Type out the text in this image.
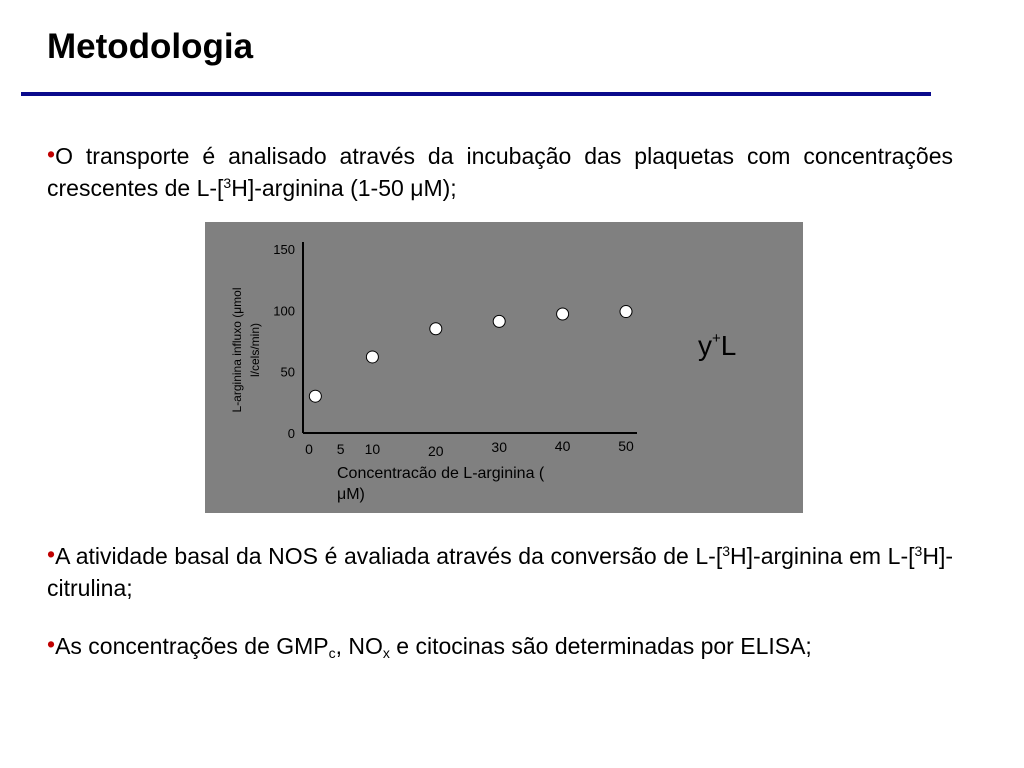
Metodologia

•O transporte é analisado através da incubação das plaquetas com concentrações crescentes de L-[$^3$H]-arginina (1-50 μM);

L-arginina influxo (μmol l/cels/min)
Concentracão de L-arginina (
μM)
0
50
100
150
0 5 10	20	30	40	50
y+L

•A atividade basal da NOS é avaliada através da conversão de L-[$^3$H]-arginina em L-[$^3$H]-citrulina;

•As concentrações de $GMP_c$, $NO_x$ e citocinas são determinadas por ELISA;
